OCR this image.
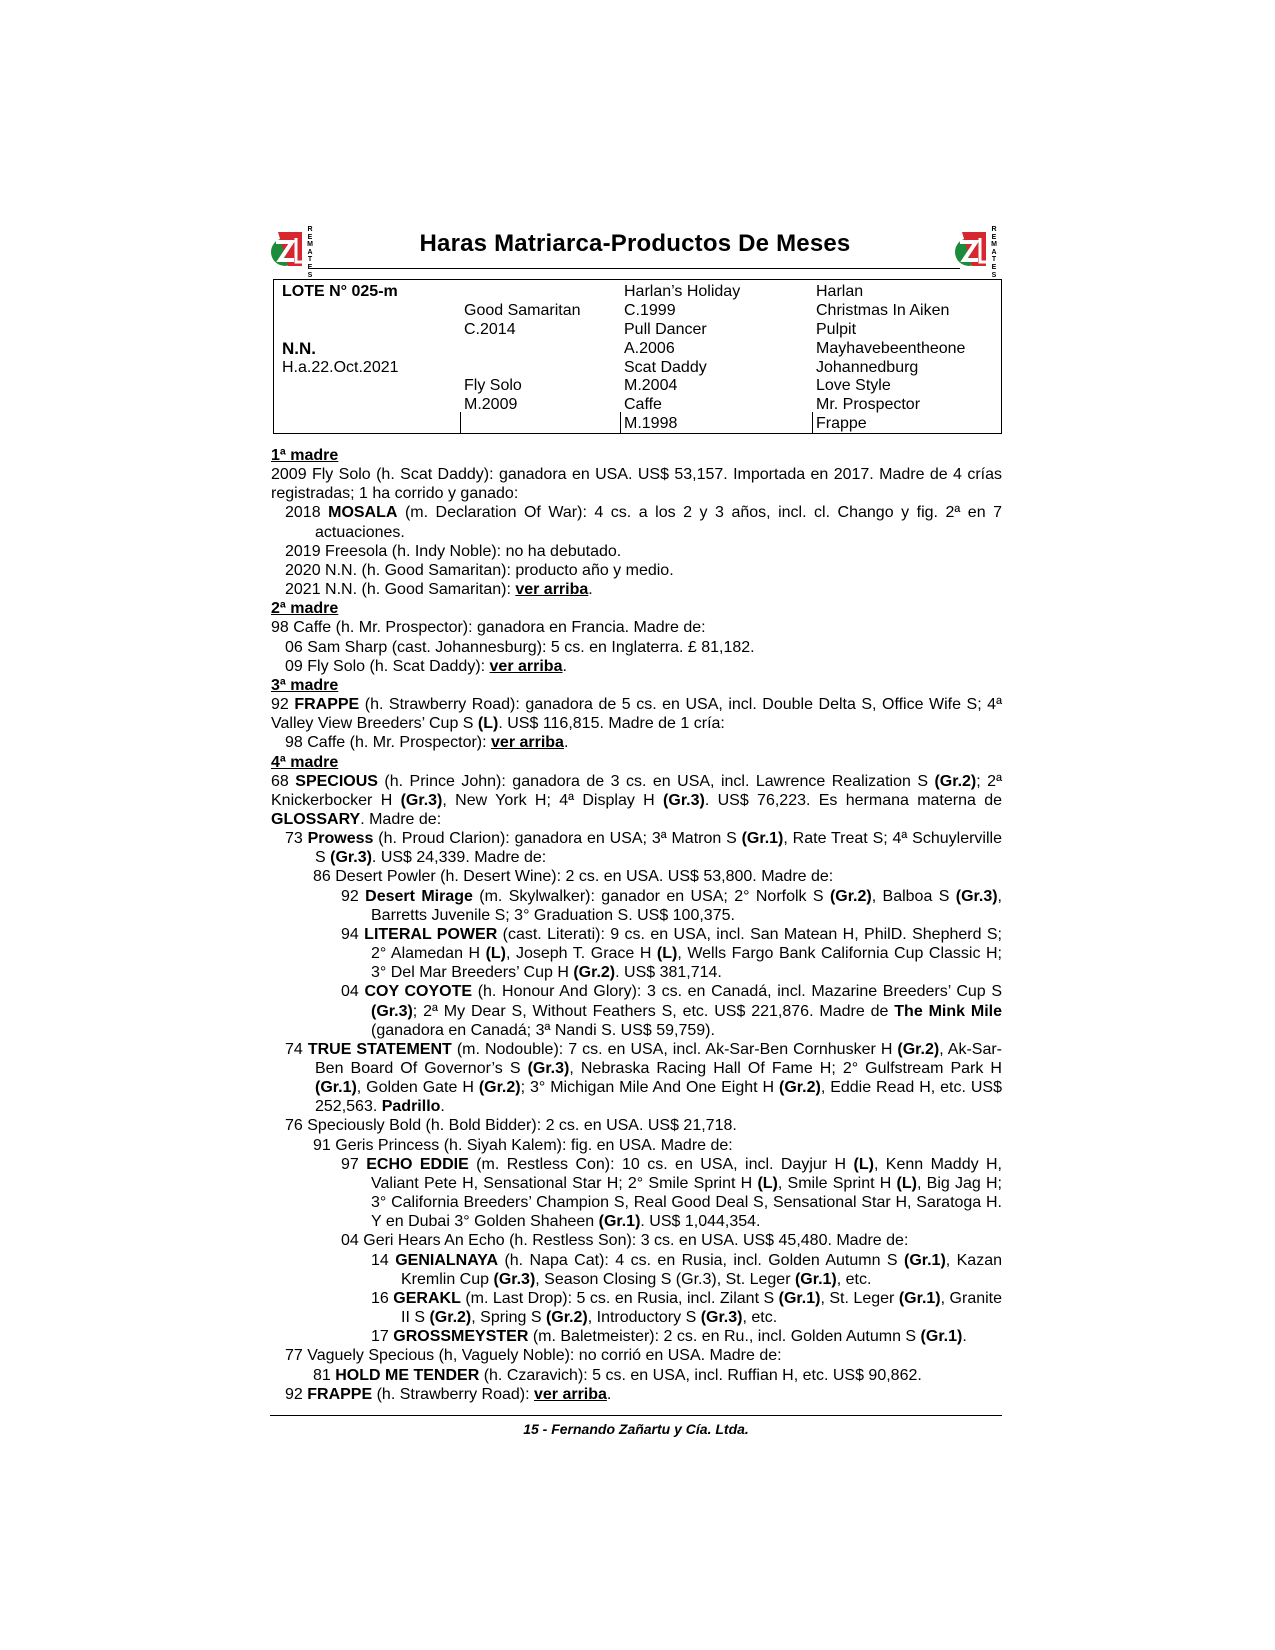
R
E
M
A
T
E
S
Haras Matriarca-Productos De Meses
R
E
M
A
T
E
S
LOTE N° 025-m
N.N.
H.a.22.Oct.2021
Good Samaritan
C.2014
Fly Solo
M.2009
Harlan’s Holiday
C.1999
Pull Dancer
A.2006
Scat Daddy
M.2004
Caffe
M.1998
Harlan
Christmas In Aiken
Pulpit
Mayhavebeentheone
Johannedburg
Love Style
Mr. Prospector
Frappe

1ª madre

2009 Fly Solo (h. Scat Daddy): ganadora en USA. US$ 53,157. Importada en 2017. Madre de 4 crías registradas; 1 ha corrido y ganado:

2018 MOSALA (m. Declaration Of War): 4 cs. a los 2 y 3 años, incl. cl. Chango y fig. 2ª en 7 actuaciones.

2019 Freesola (h. Indy Noble): no ha debutado.

2020 N.N. (h. Good Samaritan): producto año y medio.

2021 N.N. (h. Good Samaritan): ver arriba.

2ª madre

98 Caffe (h. Mr. Prospector): ganadora en Francia. Madre de:

06 Sam Sharp (cast. Johannesburg): 5 cs. en Inglaterra. £ 81,182.

09 Fly Solo (h. Scat Daddy): ver arriba.

3ª madre

92 FRAPPE (h. Strawberry Road): ganadora de 5 cs. en USA, incl. Double Delta S, Office Wife S; 4ª Valley View Breeders’ Cup S (L). US$ 116,815. Madre de 1 cría:

98 Caffe (h. Mr. Prospector): ver arriba.

4ª madre

68 SPECIOUS (h. Prince John): ganadora de 3 cs. en USA, incl. Lawrence Realization S (Gr.2); 2ª Knickerbocker H (Gr.3), New York H; 4ª Display H (Gr.3). US$ 76,223. Es hermana materna de GLOSSARY. Madre de:

73 Prowess (h. Proud Clarion): ganadora en USA; 3ª Matron S (Gr.1), Rate Treat S; 4ª Schuylerville S (Gr.3). US$ 24,339. Madre de:

86 Desert Powler (h. Desert Wine): 2 cs. en USA. US$ 53,800. Madre de:

92 Desert Mirage (m. Skylwalker): ganador en USA; 2° Norfolk S (Gr.2), Balboa S (Gr.3), Barretts Juvenile S; 3° Graduation S. US$ 100,375.

94 LITERAL POWER (cast. Literati): 9 cs. en USA, incl. San Matean H, PhilD. Shepherd S; 2° Alamedan H (L), Joseph T. Grace H (L), Wells Fargo Bank California Cup Classic H; 3° Del Mar Breeders’ Cup H (Gr.2). US$ 381,714.

04 COY COYOTE (h. Honour And Glory): 3 cs. en Canadá, incl. Mazarine Breeders’ Cup S (Gr.3); 2ª My Dear S, Without Feathers S, etc. US$ 221,876. Madre de The Mink Mile (ganadora en Canadá; 3ª Nandi S. US$ 59,759).

74 TRUE STATEMENT (m. Nodouble): 7 cs. en USA, incl. Ak-Sar-Ben Cornhusker H (Gr.2), Ak-Sar-Ben Board Of Governor’s S (Gr.3), Nebraska Racing Hall Of Fame H; 2° Gulfstream Park H (Gr.1), Golden Gate H (Gr.2); 3° Michigan Mile And One Eight H (Gr.2), Eddie Read H, etc. US$ 252,563. Padrillo.

76 Speciously Bold (h. Bold Bidder): 2 cs. en USA. US$ 21,718.

91 Geris Princess (h. Siyah Kalem): fig. en USA. Madre de:

97 ECHO EDDIE (m. Restless Con): 10 cs. en USA, incl. Dayjur H (L), Kenn Maddy H, Valiant Pete H, Sensational Star H; 2° Smile Sprint H (L), Smile Sprint H (L), Big Jag H; 3° California Breeders’ Champion S, Real Good Deal S, Sensational Star H, Saratoga H. Y en Dubai 3° Golden Shaheen (Gr.1). US$ 1,044,354.

04 Geri Hears An Echo (h. Restless Son): 3 cs. en USA. US$ 45,480. Madre de:

14 GENIALNAYA (h. Napa Cat): 4 cs. en Rusia, incl. Golden Autumn S (Gr.1), Kazan Kremlin Cup (Gr.3), Season Closing S (Gr.3), St. Leger (Gr.1), etc.

16 GERAKL (m. Last Drop): 5 cs. en Rusia, incl. Zilant S (Gr.1), St. Leger (Gr.1), Granite II S (Gr.2), Spring S (Gr.2), Introductory S (Gr.3), etc.

17 GROSSMEYSTER (m. Baletmeister): 2 cs. en Ru., incl. Golden Autumn S (Gr.1).

77 Vaguely Specious (h, Vaguely Noble): no corrió en USA. Madre de:

81 HOLD ME TENDER (h. Czaravich): 5 cs. en USA, incl. Ruffian H, etc. US$ 90,862.

92 FRAPPE (h. Strawberry Road): ver arriba.

15 - Fernando Zañartu y Cía. Ltda.
